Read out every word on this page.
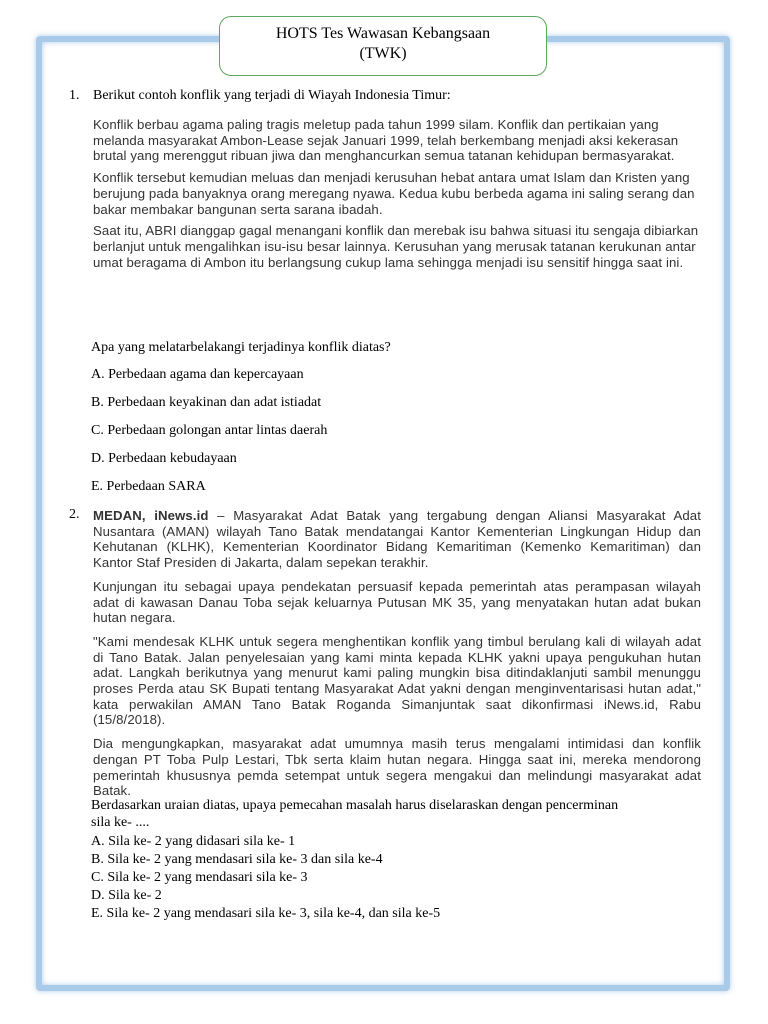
HOTS Tes Wawasan Kebangsaan
(TWK)
1. Berikut contoh konflik yang terjadi di Wiayah Indonesia Timur:

Konflik berbau agama paling tragis meletup pada tahun 1999 silam. Konflik dan pertikaian yang melanda masyarakat Ambon-Lease sejak Januari 1999, telah berkembang menjadi aksi kekerasan brutal yang merenggut ribuan jiwa dan menghancurkan semua tatanan kehidupan bermasyarakat.

Konflik tersebut kemudian meluas dan menjadi kerusuhan hebat antara umat Islam dan Kristen yang berujung pada banyaknya orang meregang nyawa. Kedua kubu berbeda agama ini saling serang dan bakar membakar bangunan serta sarana ibadah.

Saat itu, ABRI dianggap gagal menangani konflik dan merebak isu bahwa situasi itu sengaja dibiarkan berlanjut untuk mengalihkan isu-isu besar lainnya. Kerusuhan yang merusak tatanan kerukunan antar umat beragama di Ambon itu berlangsung cukup lama sehingga menjadi isu sensitif hingga saat ini.

Apa yang melatarbelakangi terjadinya konflik diatas?
A. Perbedaan agama dan kepercayaan
B. Perbedaan keyakinan dan adat istiadat
C. Perbedaan golongan antar lintas daerah
D. Perbedaan kebudayaan
E. Perbedaan SARA
2. MEDAN, iNews.id – Masyarakat Adat Batak yang tergabung dengan Aliansi Masyarakat Adat Nusantara (AMAN) wilayah Tano Batak mendatangai Kantor Kementerian Lingkungan Hidup dan Kehutanan (KLHK), Kementerian Koordinator Bidang Kemaritiman (Kemenko Kemaritiman) dan Kantor Staf Presiden di Jakarta, dalam sepekan terakhir.

Kunjungan itu sebagai upaya pendekatan persuasif kepada pemerintah atas perampasan wilayah adat di kawasan Danau Toba sejak keluarnya Putusan MK 35, yang menyatakan hutan adat bukan hutan negara.

"Kami mendesak KLHK untuk segera menghentikan konflik yang timbul berulang kali di wilayah adat di Tano Batak. Jalan penyelesaian yang kami minta kepada KLHK yakni upaya pengukuhan hutan adat. Langkah berikutnya yang menurut kami paling mungkin bisa ditindaklanjuti sambil menunggu proses Perda atau SK Bupati tentang Masyarakat Adat yakni dengan menginventarisasi hutan adat," kata perwakilan AMAN Tano Batak Roganda Simanjuntak saat dikonfirmasi iNews.id, Rabu (15/8/2018).

Dia mengungkapkan, masyarakat adat umumnya masih terus mengalami intimidasi dan konflik dengan PT Toba Pulp Lestari, Tbk serta klaim hutan negara. Hingga saat ini, mereka mendorong pemerintah khususnya pemda setempat untuk segera mengakui dan melindungi masyarakat adat Batak.

Berdasarkan uraian diatas, upaya pemecahan masalah harus diselaraskan dengan pencerminan
sila ke- ....
A. Sila ke- 2 yang didasari sila ke- 1
B. Sila ke- 2 yang mendasari sila ke- 3 dan sila ke-4
C. Sila ke- 2 yang mendasari sila ke- 3
D. Sila ke- 2
E. Sila ke- 2 yang mendasari sila ke- 3, sila ke-4, dan sila ke-5
